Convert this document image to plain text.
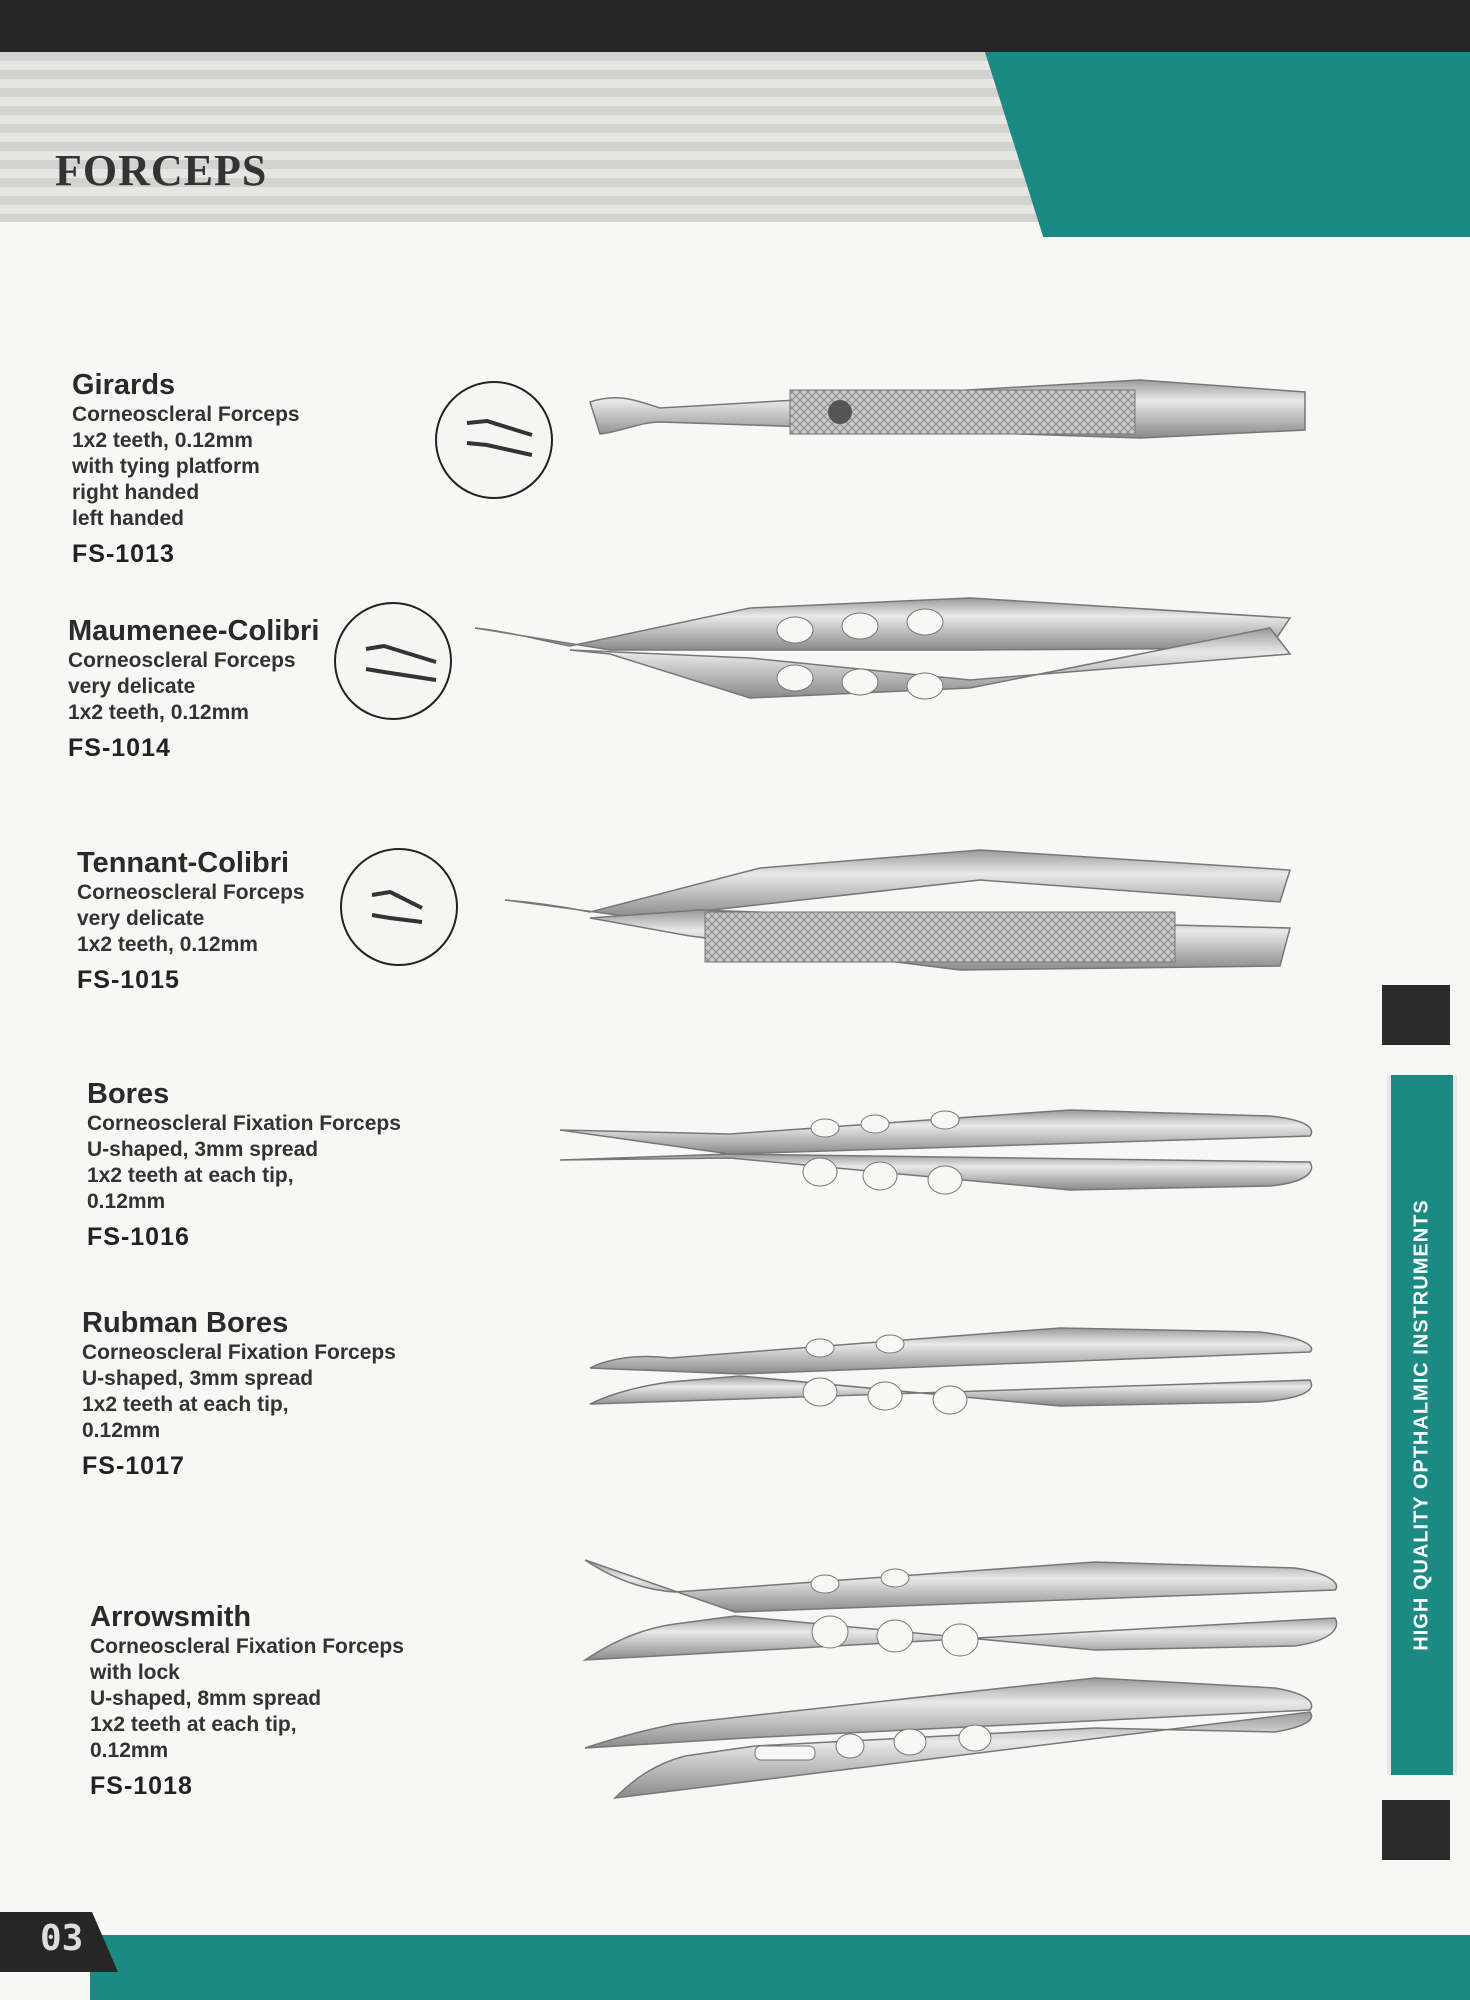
FORCEPS
Girards
Corneoscleral Forceps
1x2 teeth, 0.12mm
with tying platform
right handed
left handed
FS-1013
Maumenee-Colibri
Corneoscleral Forceps
very delicate
1x2 teeth, 0.12mm
FS-1014
Tennant-Colibri
Corneoscleral Forceps
very delicate
1x2 teeth, 0.12mm
FS-1015
Bores
Corneoscleral Fixation Forceps
U-shaped, 3mm spread
1x2 teeth at each tip,
0.12mm
FS-1016
Rubman Bores
Corneoscleral Fixation Forceps
U-shaped, 3mm spread
1x2 teeth at each tip,
0.12mm
FS-1017
Arrowsmith
Corneoscleral Fixation Forceps
with lock
U-shaped, 8mm spread
1x2 teeth at each tip,
0.12mm
FS-1018
HIGH QUALITY OPTHALMIC INSTRUMENTS
03
